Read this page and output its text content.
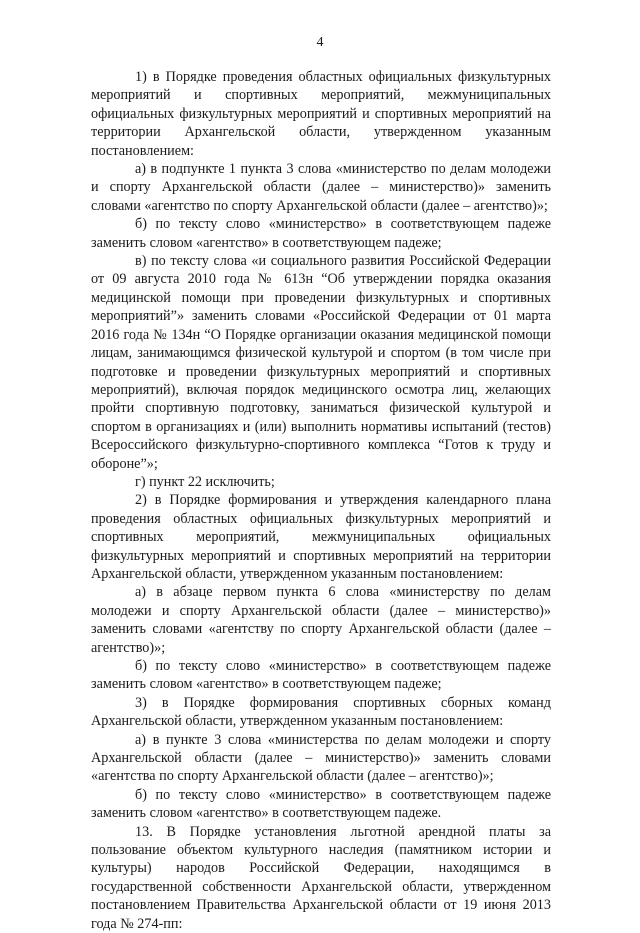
4

1) в Порядке проведения областных официальных физкультурных мероприятий и спортивных мероприятий, межмуниципальных официальных физкультурных мероприятий и спортивных мероприятий на территории Архангельской области, утвержденном указанным постановлением:

а) в подпункте 1 пункта 3 слова «министерство по делам молодежи и спорту Архангельской области (далее – министерство)» заменить словами «агентство по спорту Архангельской области (далее – агентство)»;

б) по тексту слово «министерство» в соответствующем падеже заменить словом «агентство» в соответствующем падеже;

в) по тексту слова «и социального развития Российской Федерации от 09 августа 2010 года № 613н “Об утверждении порядка оказания медицинской помощи при проведении физкультурных и спортивных мероприятий”» заменить словами «Российской Федерации от 01 марта 2016 года № 134н “О Порядке организации оказания медицинской помощи лицам, занимающимся физической культурой и спортом (в том числе при подготовке и проведении физкультурных мероприятий и спортивных мероприятий), включая порядок медицинского осмотра лиц, желающих пройти спортивную подготовку, заниматься физической культурой и спортом в организациях и (или) выполнить нормативы испытаний (тестов) Всероссийского физкультурно-спортивного комплекса “Готов к труду и обороне”»;

г) пункт 22 исключить;

2) в Порядке формирования и утверждения календарного плана проведения областных официальных физкультурных мероприятий и спортивных мероприятий, межмуниципальных официальных физкультурных мероприятий и спортивных мероприятий на территории Архангельской области, утвержденном указанным постановлением:

а) в абзаце первом пункта 6 слова «министерству по делам молодежи и спорту Архангельской области (далее – министерство)» заменить словами «агентству по спорту Архангельской области (далее – агентство)»;

б) по тексту слово «министерство» в соответствующем падеже заменить словом «агентство» в соответствующем падеже;

3) в Порядке формирования спортивных сборных команд Архангельской области, утвержденном указанным постановлением:

а) в пункте 3 слова «министерства по делам молодежи и спорту Архангельской области (далее – министерство)» заменить словами «агентства по спорту Архангельской области (далее – агентство)»;

б) по тексту слово «министерство» в соответствующем падеже заменить словом «агентство» в соответствующем падеже.

13. В Порядке установления льготной арендной платы за пользование объектом культурного наследия (памятником истории и культуры) народов Российской Федерации, находящимся в государственной собственности Архангельской области, утвержденном постановлением Правительства Архангельской области от 19 июня 2013 года № 274-пп:
